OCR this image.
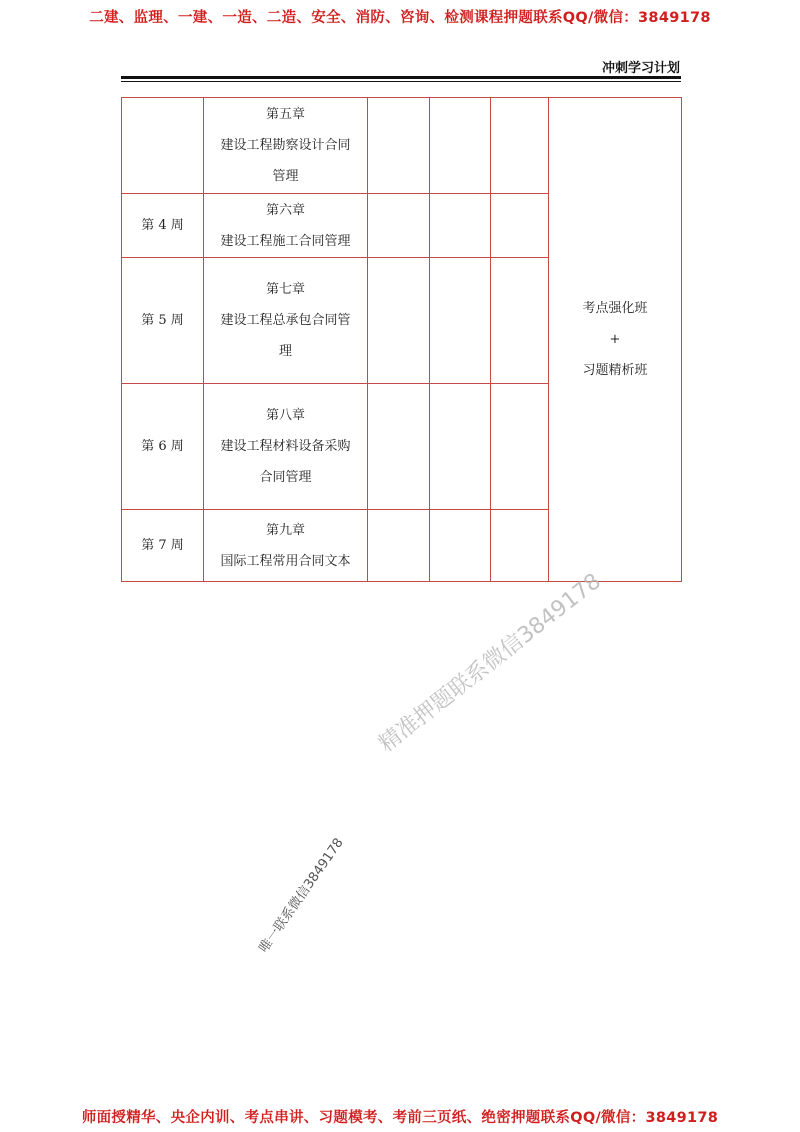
二建、监理、一建、一造、二造、安全、消防、咨询、检测课程押题联系QQ/微信：3849178
冲刺学习计划

	第五章
建设工程勘察设计合同
管理				考点强化班
+
习题精析班

第 4 周	第六章
建设工程施工合同管理				

第 5 周	第七章
建设工程总承包合同管
理				

第 6 周	第八章
建设工程材料设备采购
合同管理				

第 7 周	第九章
国际工程常用合同文本				

精准押题联系微信3849178
唯一联系微信3849178
师面授精华、央企内训、考点串讲、习题模考、考前三页纸、绝密押题联系QQ/微信：3849178
